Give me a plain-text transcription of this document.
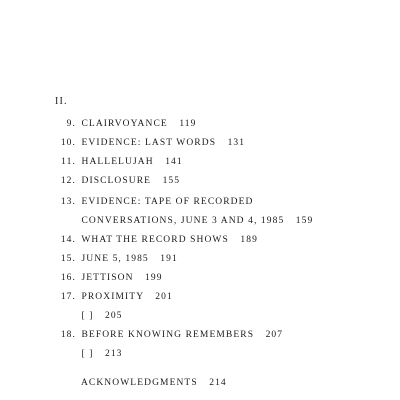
II.
9. CLAIRVOYANCE 119
10. EVIDENCE: LAST WORDS 131
11. HALLELUJAH 141
12. DISCLOSURE 155
13. EVIDENCE: TAPE OF RECORDED
CONVERSATIONS, JUNE 3 AND 4, 1985 159
14. WHAT THE RECORD SHOWS 189
15. JUNE 5, 1985 191
16. JETTISON 199
17. PROXIMITY 201
[ ] 205
18. BEFORE KNOWING REMEMBERS 207
[ ] 213
ACKNOWLEDGMENTS 214
